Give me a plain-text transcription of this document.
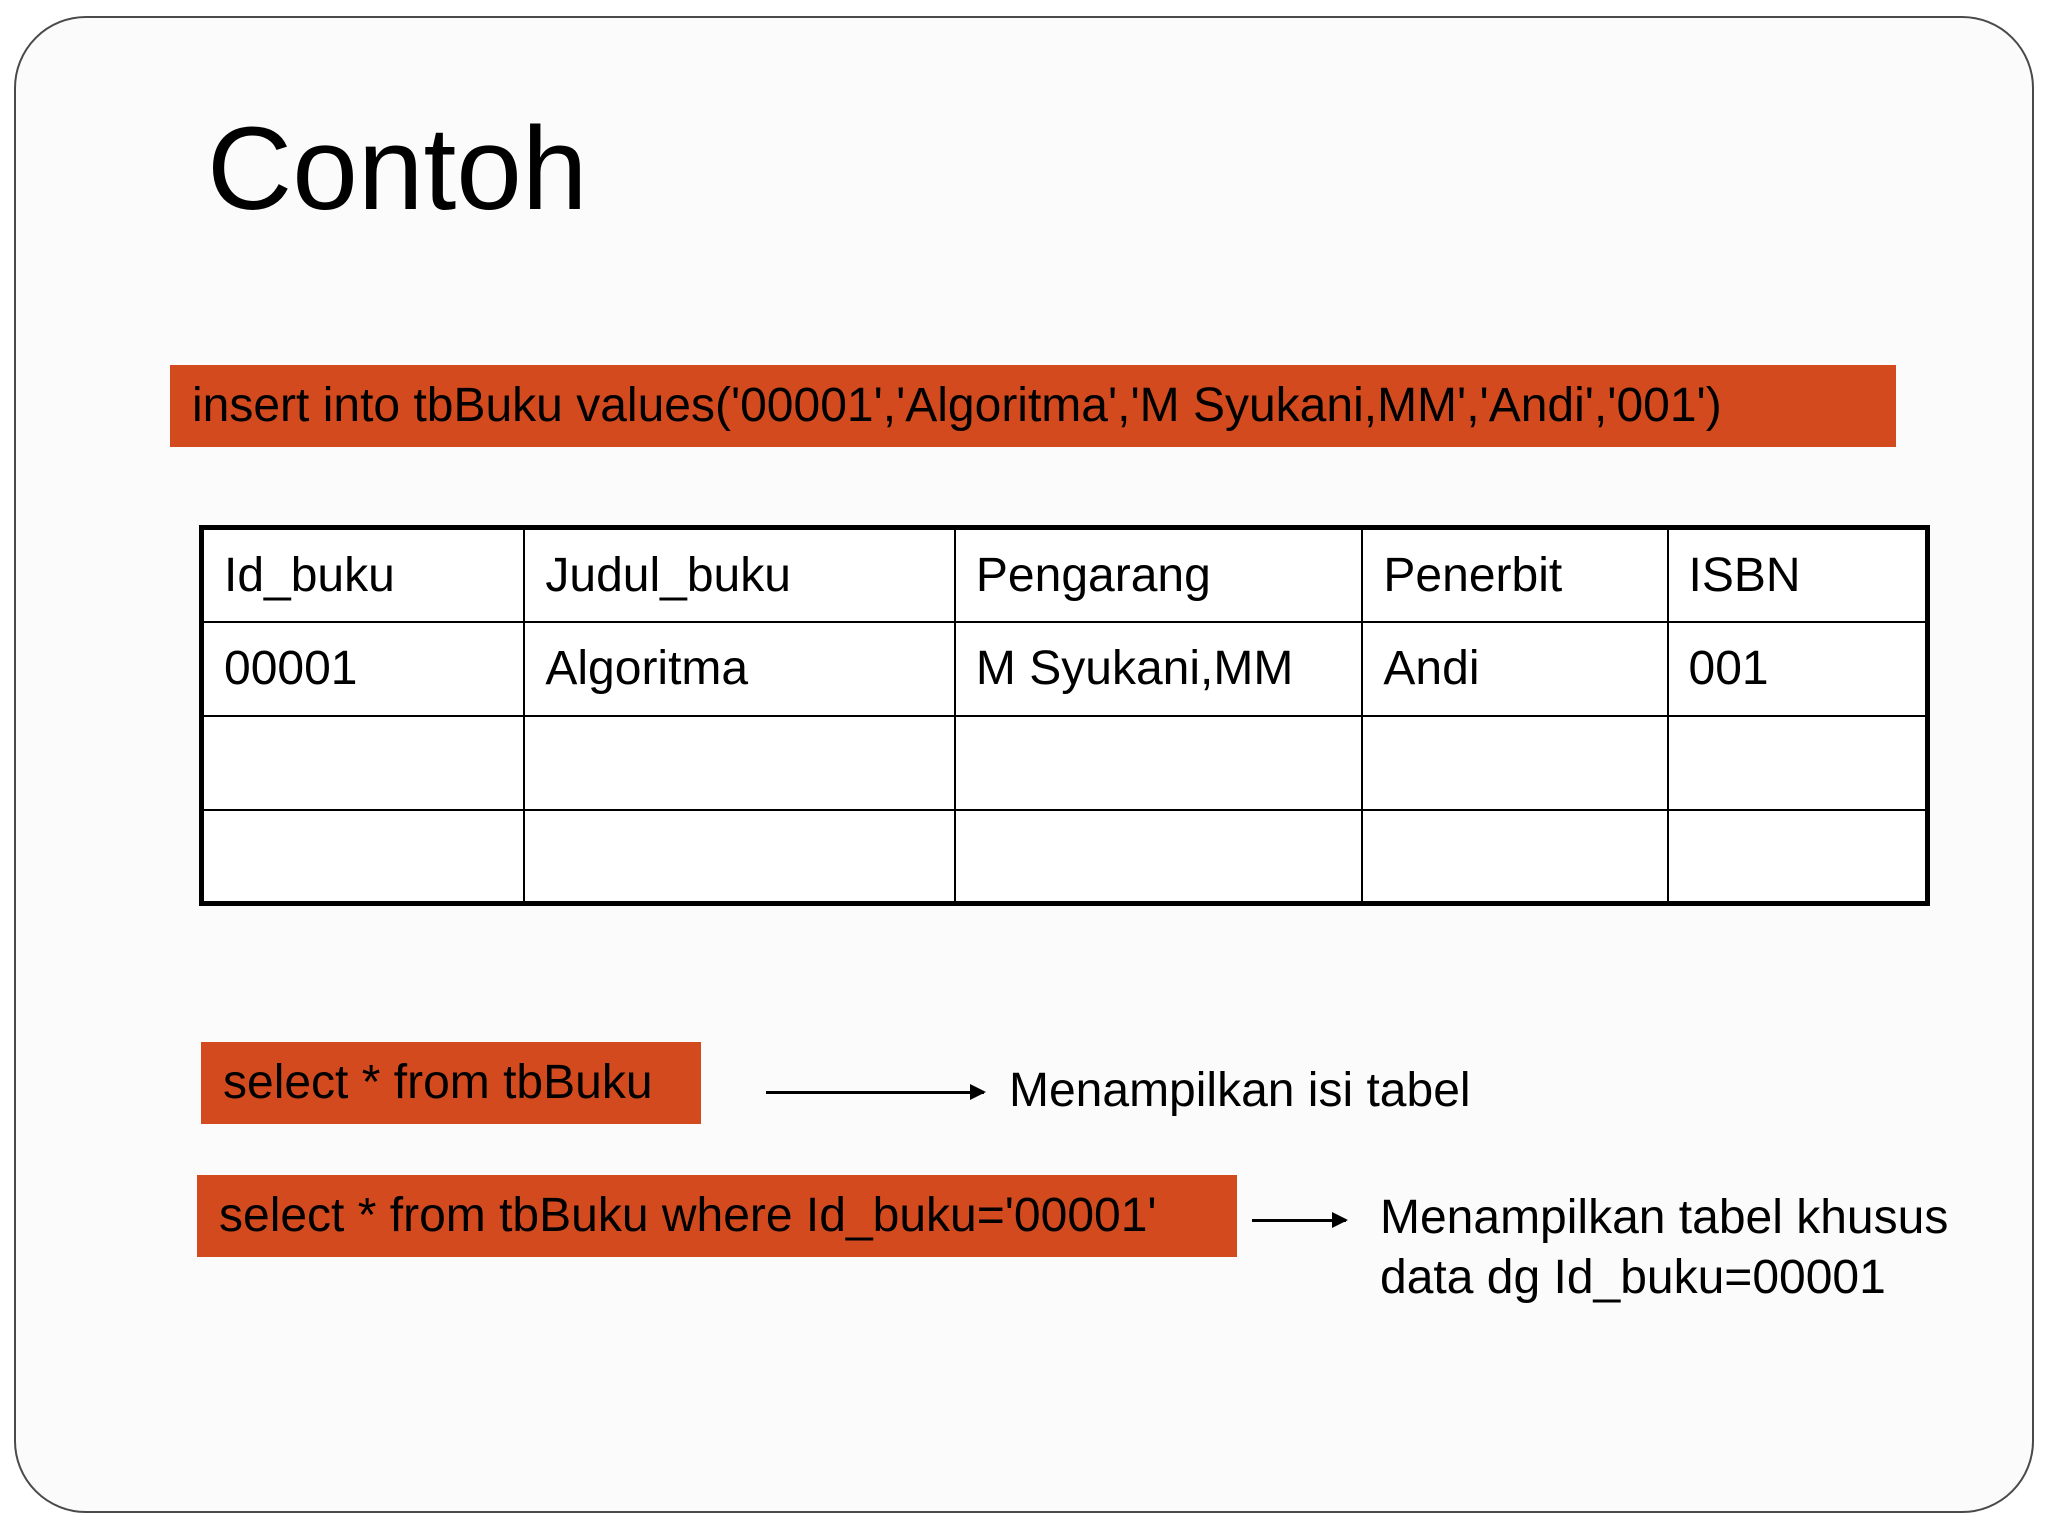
Contoh
insert into tbBuku values('00001','Algoritma','M Syukani,MM','Andi','001')
Id_buku	Judul_buku	Pengarang	Penerbit	ISBN
00001	Algoritma	M Syukani,MM	Andi	001

select * from tbBuku	Menampilkan isi tabel
select * from tbBuku where Id_buku='00001'	Menampilkan tabel khusus
data dg Id_buku=00001
